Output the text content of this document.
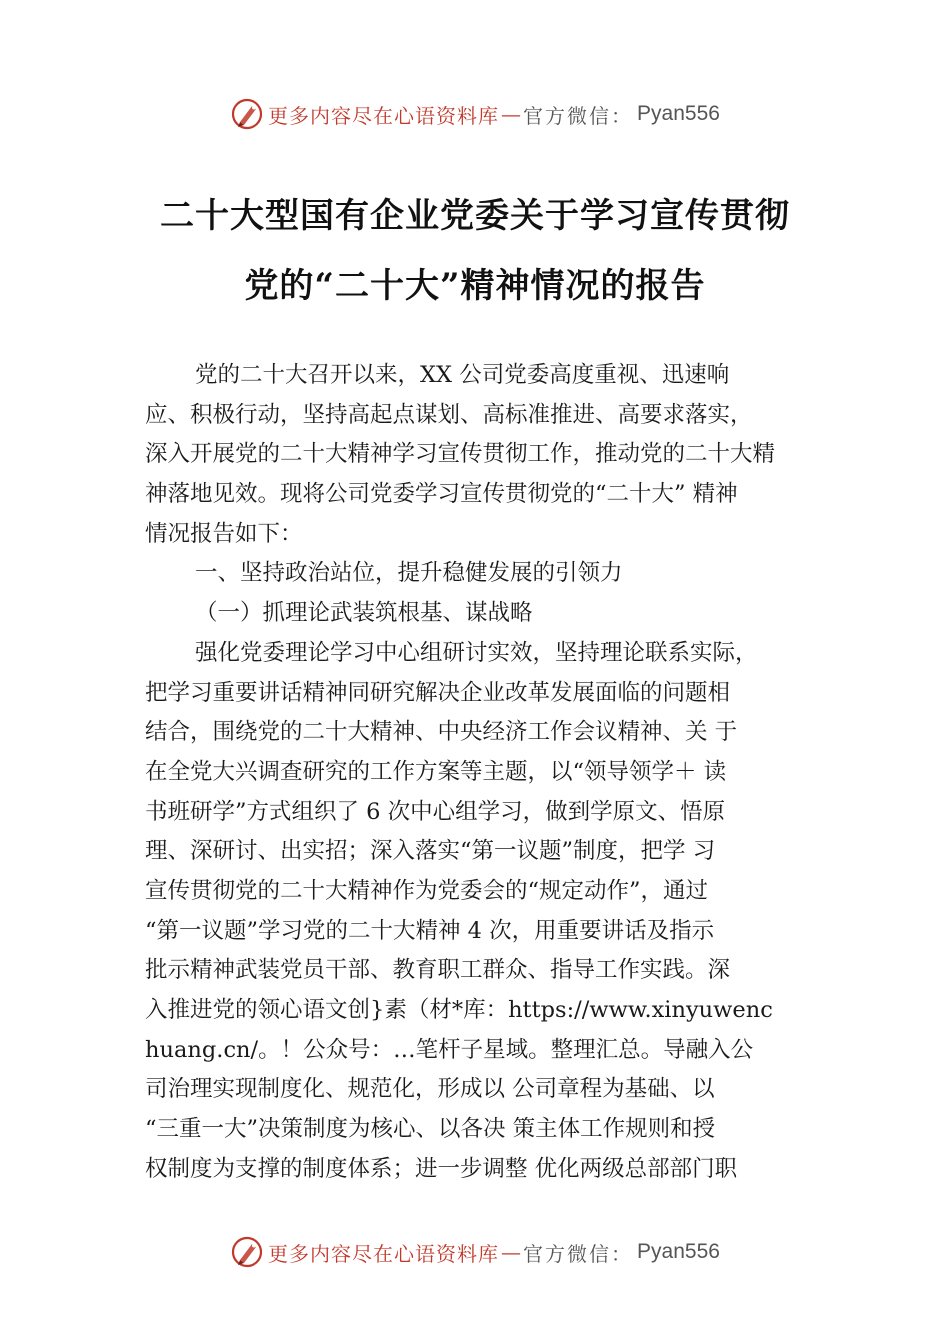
更多内容尽在心语资料库 — 官方微信： Pyan556
二十大型国有企业党委关于学习宣传贯彻
党的“二十大”精神情况的报告
党的二十大召开以来，XX 公司党委高度重视、迅速响
应、积极行动，坚持高起点谋划、高标准推进、高要求落实，
深入开展党的二十大精神学习宣传贯彻工作，推动党的二十大精
神落地见效。现将公司党委学习宣传贯彻党的“二十大” 精神
情况报告如下：
一、坚持政治站位，提升稳健发展的引领力
（一）抓理论武装筑根基、谋战略
强化党委理论学习中心组研讨实效，坚持理论联系实际，
把学习重要讲话精神同研究解决企业改革发展面临的问题相
结合，围绕党的二十大精神、中央经济工作会议精神、关 于
在全党大兴调查研究的工作方案等主题，以“领导领学＋ 读
书班研学”方式组织了 6 次中心组学习，做到学原文、悟原
理、深研讨、出实招；深入落实“第一议题”制度，把学 习
宣传贯彻党的二十大精神作为党委会的“规定动作”，通过
“第一议题”学习党的二十大精神 4 次，用重要讲话及指示
批示精神武装党员干部、教育职工群众、指导工作实践。深
入推进党的领心语文创}素（材*库：https://www.xinyuwenc
huang.cn/。！公众号：…笔杆子星域。整理汇总。导融入公
司治理实现制度化、规范化，形成以 公司章程为基础、以
“三重一大”决策制度为核心、以各决 策主体工作规则和授
权制度为支撑的制度体系；进一步调整 优化两级总部部门职
更多内容尽在心语资料库 — 官方微信： Pyan556
